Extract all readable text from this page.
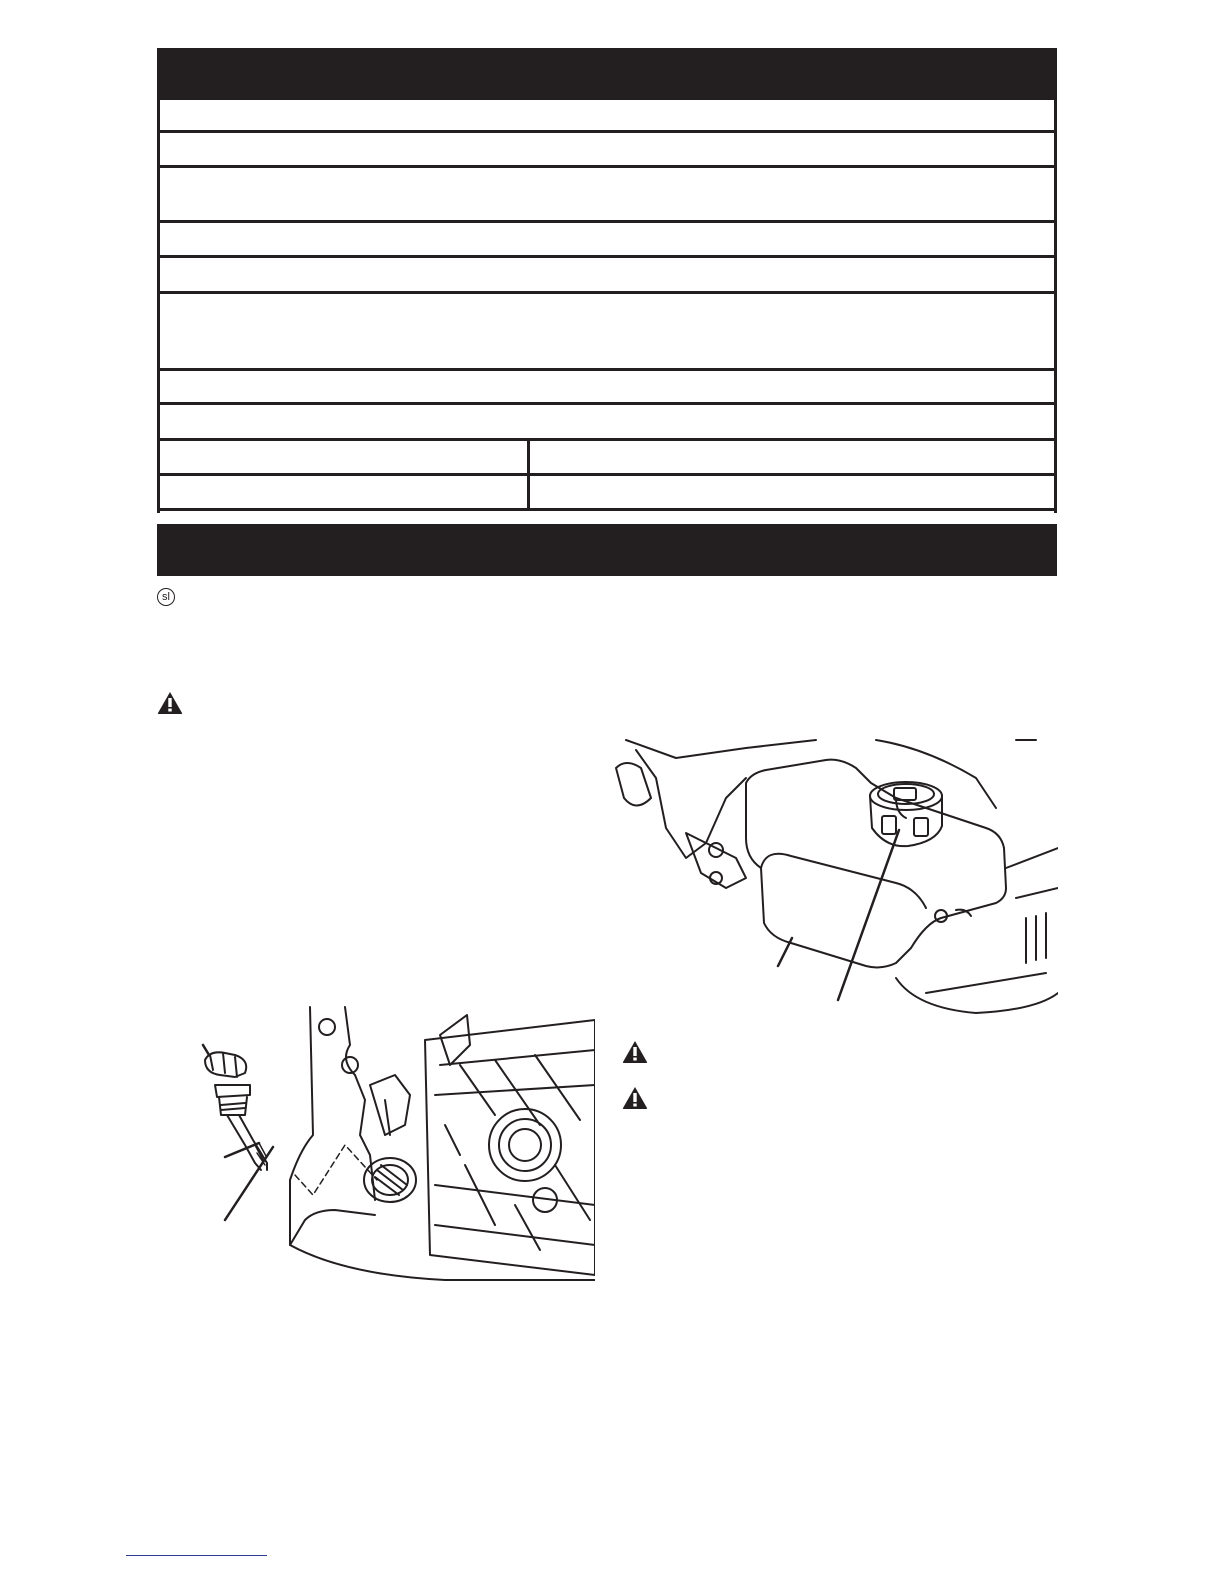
sl
